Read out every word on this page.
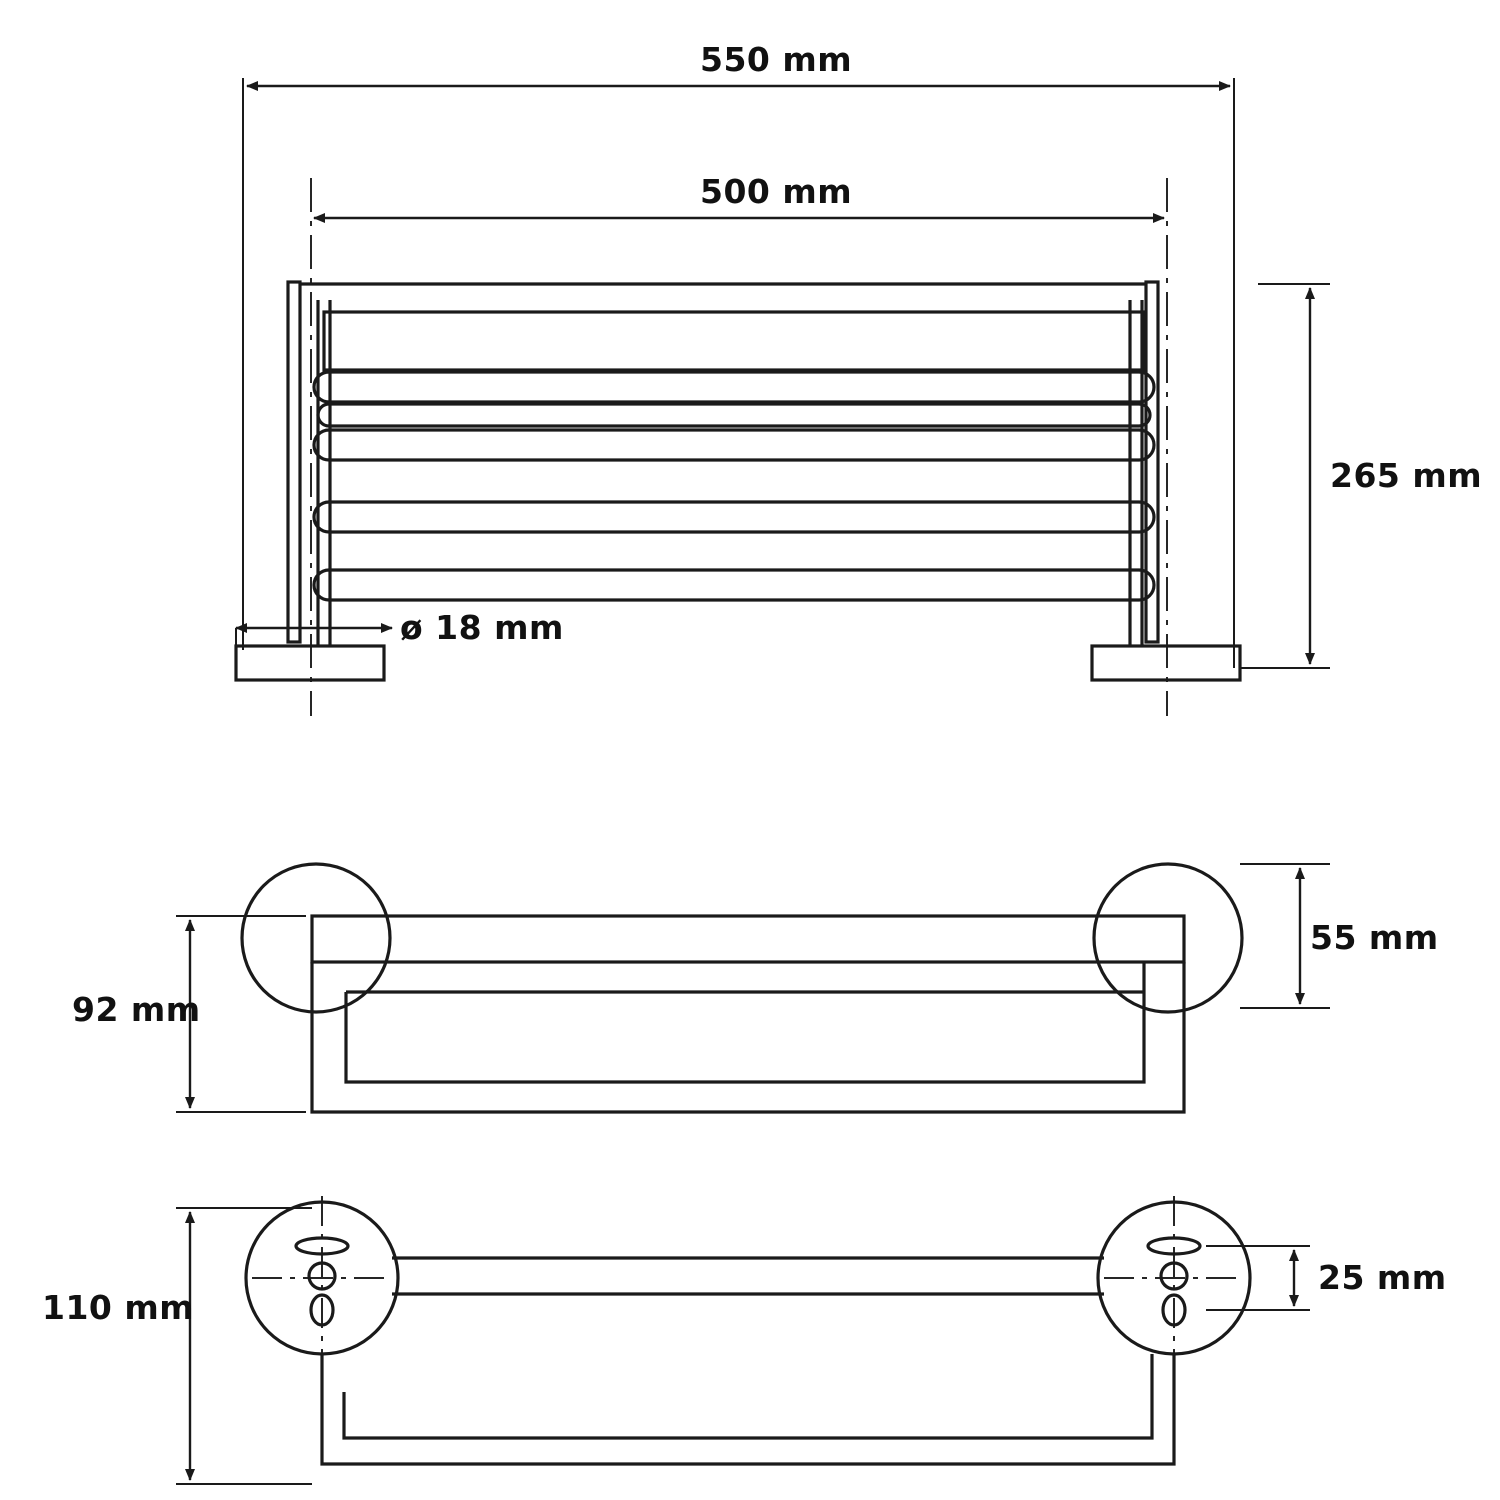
550 mm
500 mm
265 mm
ø 18 mm
92 mm
55 mm
110 mm
25 mm
